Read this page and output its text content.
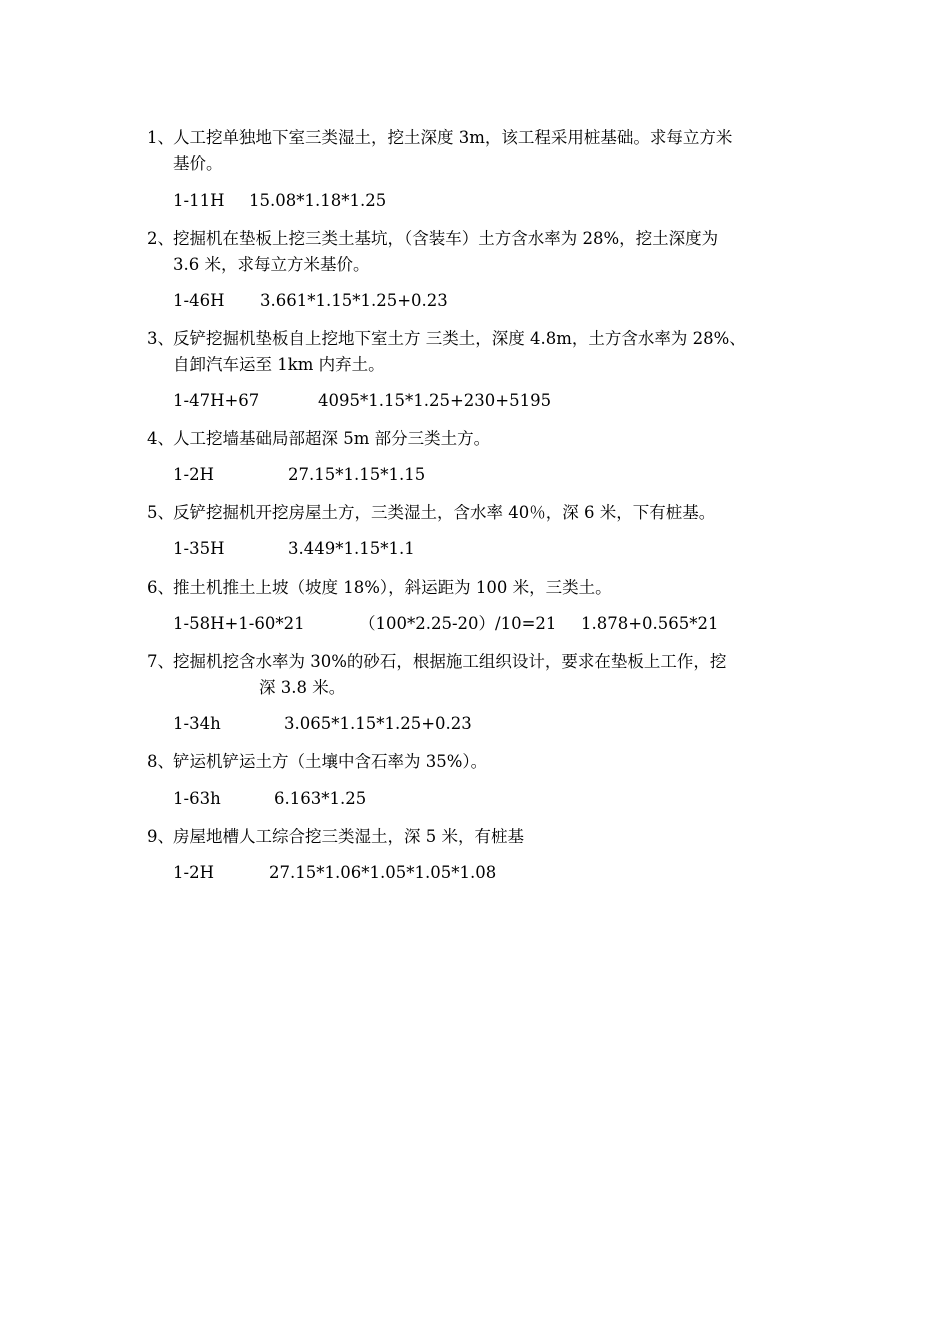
1、 人工挖单独地下室三类湿土，挖土深度 3m，该工程采用桩基础。求每立方米
基价。
1-11H 15.08*1.18*1.25
2、 挖掘机在垫板上挖三类土基坑，（含装车）土方含水率为 28%，挖土深度为
3.6 米，求每立方米基价。
1-46H 3.661*1.15*1.25+0.23
3、 反铲挖掘机垫板自上挖地下室土方 三类土，深度 4.8m，土方含水率为 28%、
自卸汽车运至 1km 内弃土。
1-47H+67	4095*1.15*1.25+230+5195
4、 人工挖墙基础局部超深 5m 部分三类土方。
1-2H	27.15*1.15*1.15
5、 反铲挖掘机开挖房屋土方，三类湿土，含水率 40％，深 6 米，下有桩基。
1-35H	3.449*1.15*1.1
6、 推土机推土上坡（坡度 18%），斜运距为 100 米，三类土。
1-58H+1-60*21	（100*2.25-20）/10=21 1.878+0.565*21
7、 挖掘机挖含水率为 30%的砂石，根据施工组织设计，要求在垫板上工作，挖
深 3.8 米。
1-34h	3.065*1.15*1.25+0.23
8、 铲运机铲运土方（土壤中含石率为 35%）。
1-63h	6.163*1.25
9、 房屋地槽人工综合挖三类湿土，深 5 米，有桩基
1-2H	27.15*1.06*1.05*1.05*1.08
